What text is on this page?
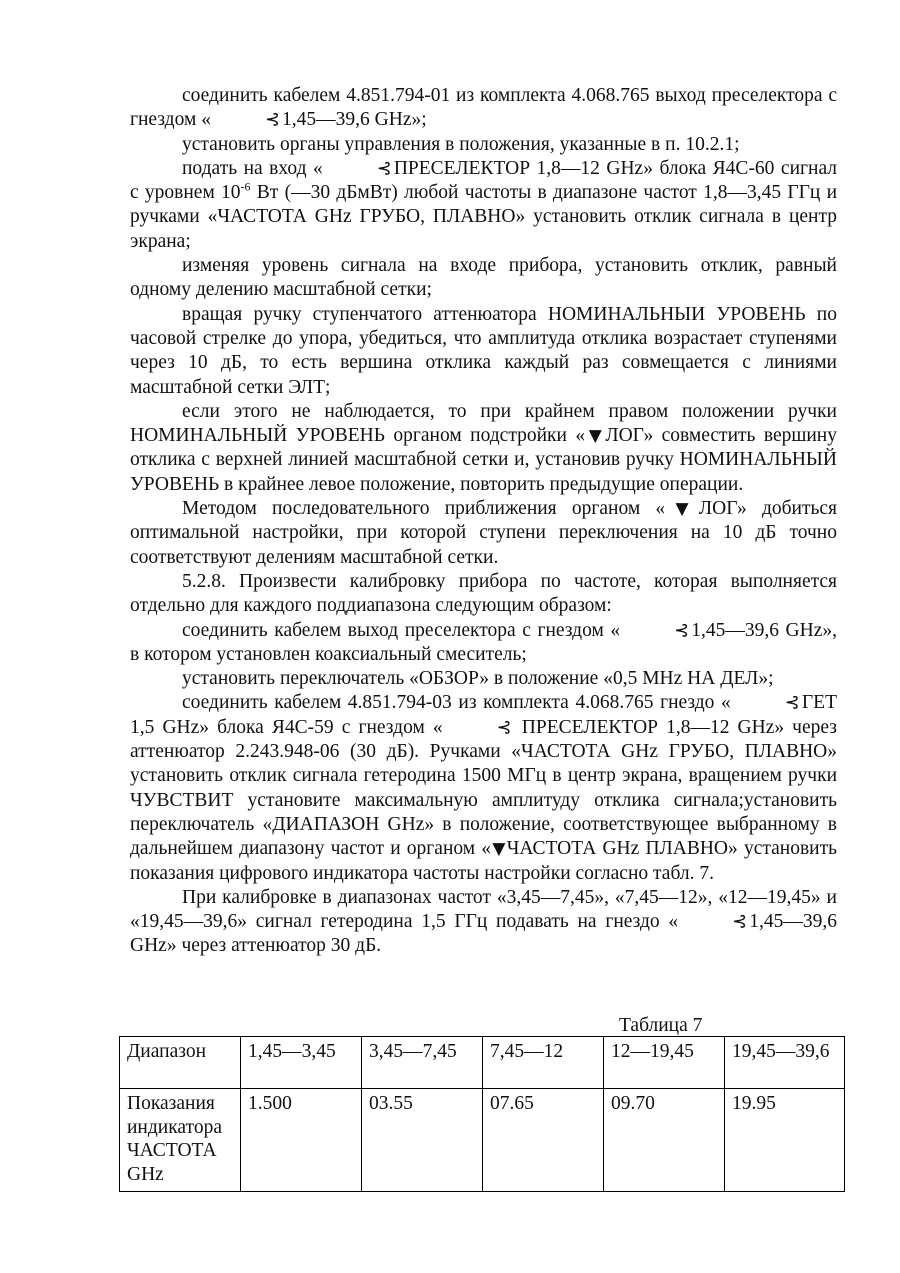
соединить кабелем 4.851.794-01 из комплекта 4.068.765 выход преселектора с гнездом «	⊰ 1,45—39,6 GHz»;

установить органы управления в положения, указанные в п. 10.2.1;

подать на вход «	⊰ ПРЕСЕЛЕКТОР 1,8—12 GHz» блока Я4С-60 сигнал с уровнем $10^{-6}$ Вт (—30 дБмВт) любой частоты в диапазоне частот 1,8—3,45 ГГц и ручками «ЧАСТОТА GHz ГРУБО, ПЛАВНО» установить отклик сигнала в центр экрана;

изменяя уровень сигнала на входе прибора, установить отклик, равный одному делению масштабной сетки;

вращая ручку ступенчатого аттенюатора НОМИНАЛЬНЫИ УРОВЕНЬ по часовой стрелке до упора, убедиться, что амплитуда отклика возрастает ступенями через 10 дБ, то есть вершина отклика каждый раз совмещается с линиями масштабной сетки ЭЛТ;

если этого не наблюдается, то при крайнем правом положении ручки НОМИНАЛЬНЫЙ УРОВЕНЬ органом подстройки «▼ЛОГ» совместить вершину отклика с верхней линией масштабной сетки и, установив ручку НОМИНАЛЬНЫЙ УРОВЕНЬ в крайнее левое положение, повторить предыдущие операции.

Методом последовательного приближения органом «▼ЛОГ» добиться оптимальной настройки, при которой ступени переключения на 10 дБ точно соответствуют делениям масштабной сетки.

5.2.8. Произвести калибровку прибора по частоте, которая выполняется отдельно для каждого поддиапазона следующим образом:

соединить кабелем выход преселектора с гнездом «	⊰ 1,45—39,6 GHz», в котором установлен коаксиальный смеситель;

установить переключатель «ОБЗОР» в положение «0,5 MHz НА ДЕЛ»;

соединить кабелем 4.851.794-03 из комплекта 4.068.765 гнездо «	⊰ ГЕТ 1,5 GHz» блока Я4С-59 с гнездом «	⊰ ПРЕСЕЛЕКТОР 1,8—12 GHz» через аттенюатор 2.243.948-06 (30 дБ). Ручками «ЧАСТОТА GHz ГРУБО, ПЛАВНО» установить отклик сигнала гетеродина 1500 МГц в центр экрана, вращением ручки ЧУВСТВИТ установите максимальную амплитуду отклика сигнала;установить переключатель «ДИАПАЗОН GHz» в положение, соответствующее выбранному в дальнейшем диапазону частот и органом «▼ЧАСТОТА GHz ПЛАВНО» установить показания цифрового индикатора частоты настройки согласно табл. 7.

При калибровке в диапазонах частот «3,45—7,45», «7,45—12», «12—19,45» и «19,45—39,6» сигнал гетеродина 1,5 ГГц подавать на гнездо «	⊰ 1,45—39,6 GHz» через аттенюатор 30 дБ.

Таблица 7
Диапазон	1,45—3,45	3,45—7,45	7,45—12	12—19,45	19,45—39,6
Показания индикатора ЧАСТОТА GHz	1.500	03.55	07.65	09.70	19.95
